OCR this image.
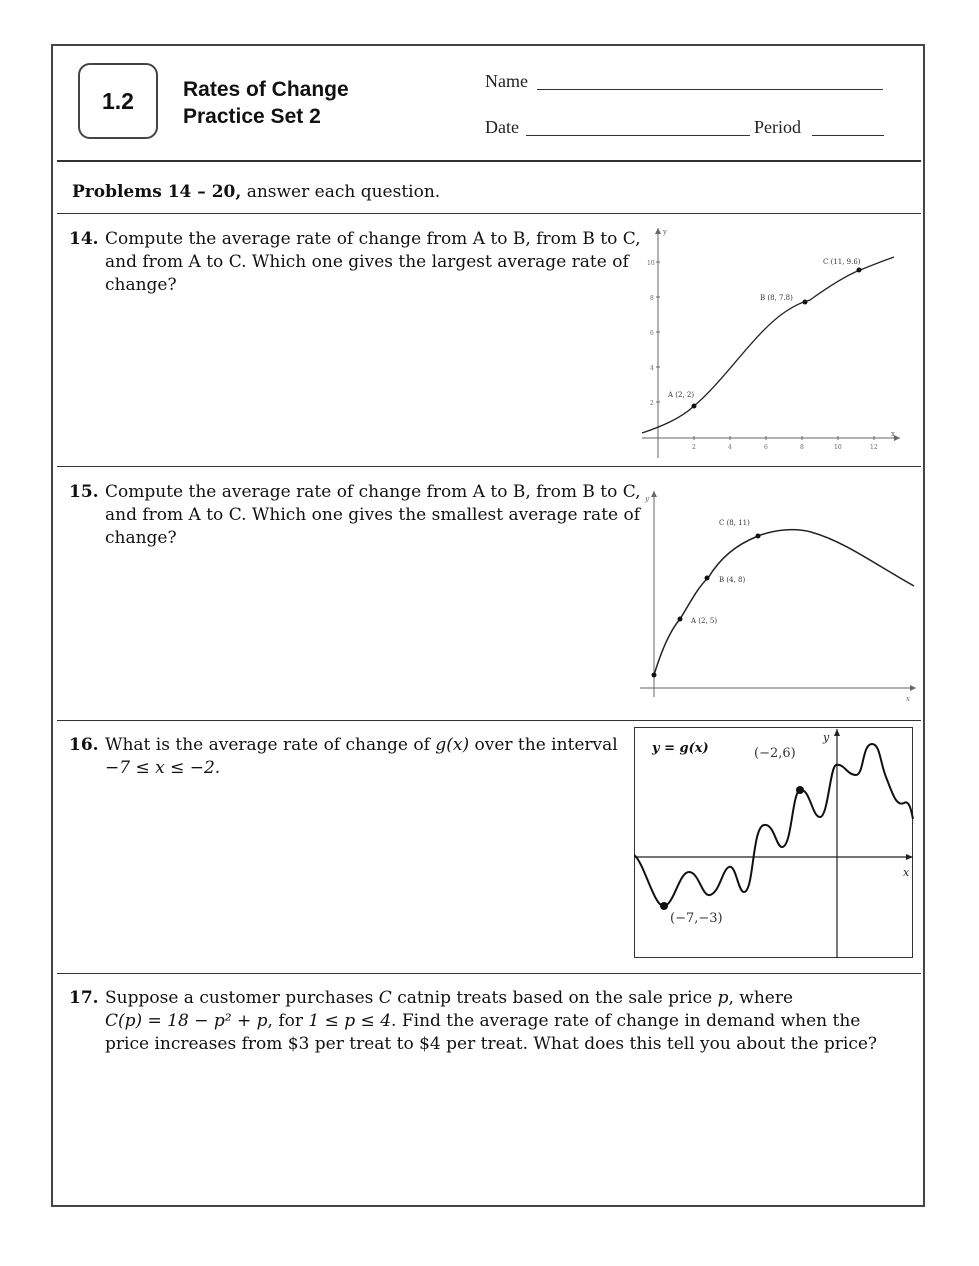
1.2 Rates of Change
Practice Set 2
Name
Date	Period
Problems 14 – 20, answer each question.
14. Compute the average rate of change from A to B, from B to C,
and from A to C. Which one gives the largest average rate of
change?
y
x
2
4
6
8
10
2	4	6	8	10	12
A (2, 2)
B (8, 7.8)
C (11, 9.6)
15. Compute the average rate of change from A to B, from B to C,
and from A to C. Which one gives the smallest average rate of
change?
y
x
A (2, 5)
B (4, 8)
C (8, 11)
16. What is the average rate of change of g(x) over the interval
−7 ≤ x ≤ −2.
y
x
y = g(x)	(−2,6)
(−7,−3)
17. Suppose a customer purchases C catnip treats based on the sale price p, where
C(p) = 18 − p² + p, for 1 ≤ p ≤ 4. Find the average rate of change in demand when the
price increases from $3 per treat to $4 per treat. What does this tell you about the price?
